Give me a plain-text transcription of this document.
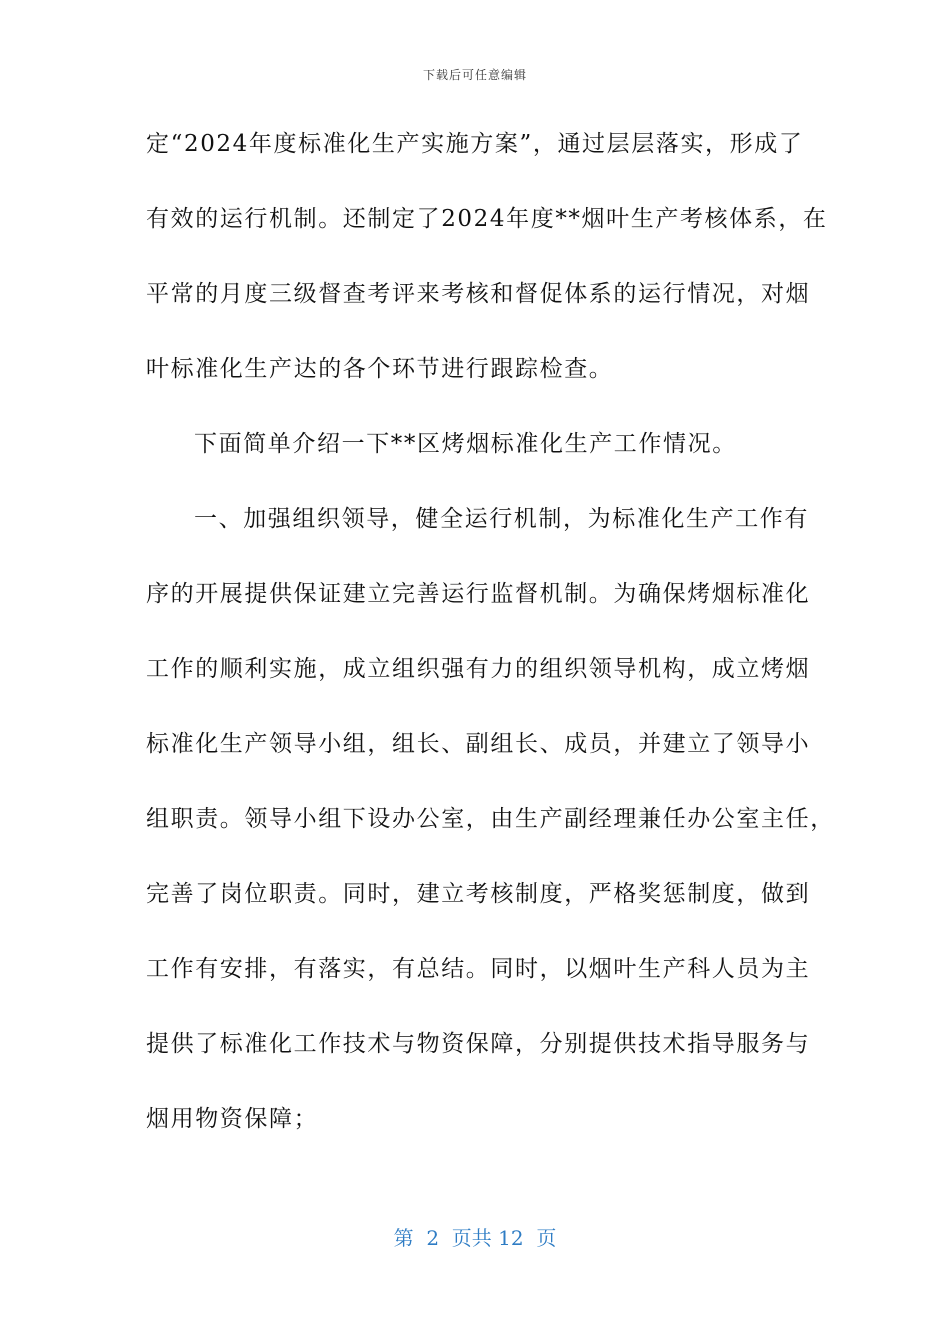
下载后可任意编辑
定“2024年度标准化生产实施方案”，通过层层落实，形成了
有效的运行机制。还制定了2024年度**烟叶生产考核体系，在
平常的月度三级督查考评来考核和督促体系的运行情况，对烟
叶标准化生产达的各个环节进行跟踪检查。
下面简单介绍一下**区烤烟标准化生产工作情况。
一、加强组织领导，健全运行机制，为标准化生产工作有
序的开展提供保证建立完善运行监督机制。为确保烤烟标准化
工作的顺利实施，成立组织强有力的组织领导机构，成立烤烟
标准化生产领导小组，组长、副组长、成员，并建立了领导小
组职责。领导小组下设办公室，由生产副经理兼任办公室主任，
完善了岗位职责。同时，建立考核制度，严格奖惩制度，做到
工作有安排，有落实，有总结。同时，以烟叶生产科人员为主
提供了标准化工作技术与物资保障，分别提供技术指导服务与
烟用物资保障；
第  2  页共 12  页
